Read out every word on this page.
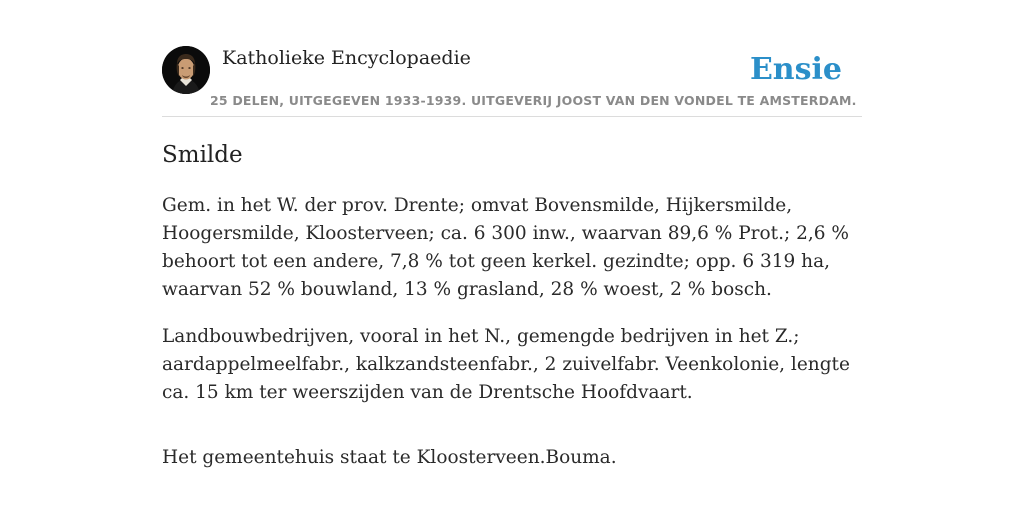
Katholieke Encyclopaedie
25 DELEN, UITGEGEVEN 1933-1939. UITGEVERIJ JOOST VAN DEN VONDEL TE AMSTERDAM.
Ensie
Smilde

Gem. in het W. der prov. Drente; omvat Bovensmilde, Hijkersmilde, Hoogersmilde, Kloosterveen; ca. 6 300 inw., waarvan 89,6 % Prot.; 2,6 % behoort tot een andere, 7,8 % tot geen kerkel. gezindte; opp. 6 319 ha, waarvan 52 % bouwland, 13 % grasland, 28 % woest, 2 % bosch.

Landbouwbedrijven, vooral in het N., gemengde bedrijven in het Z.; aardappelmeelfabr., kalkzandsteenfabr., 2 zuivelfabr. Veenkolonie, lengte ca. 15 km ter weerszijden van de Drentsche Hoofdvaart.

Het gemeentehuis staat te Kloosterveen.Bouma.
